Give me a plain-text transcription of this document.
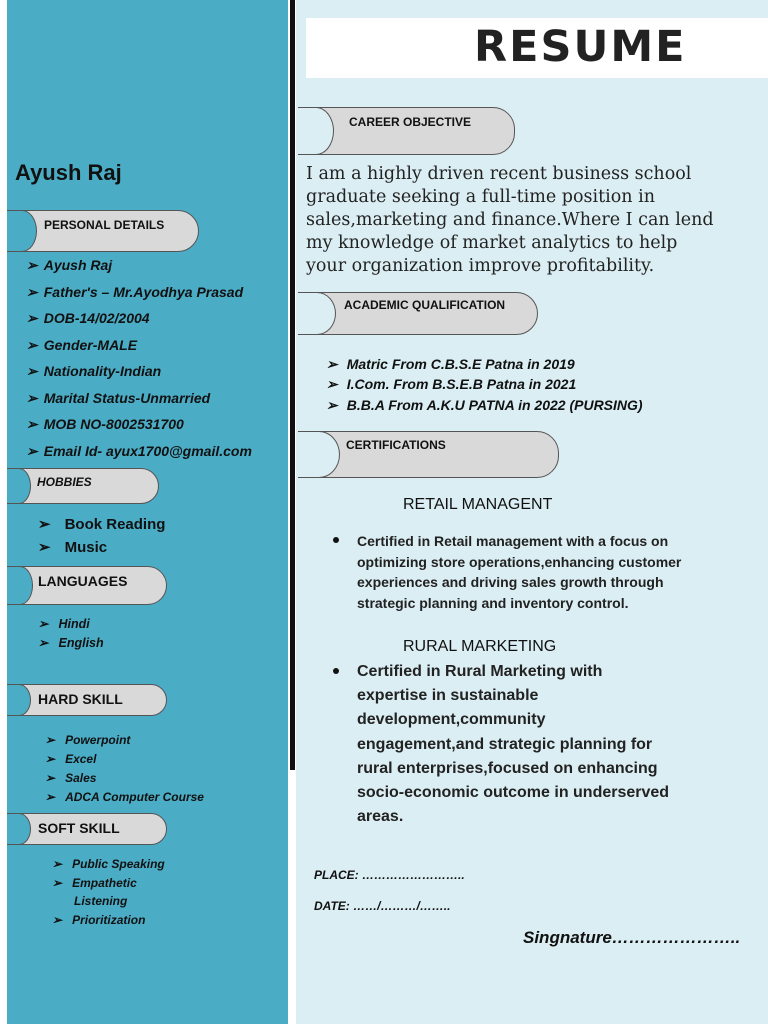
RESUME
Ayush Raj
PERSONAL DETAILS
➢ Ayush Raj
➢ Father's – Mr.Ayodhya Prasad
➢ DOB-14/02/2004
➢ Gender-MALE
➢ Nationality-Indian
➢ Marital Status-Unmarried
➢ MOB NO-8002531700
➢ Email Id- ayux1700@gmail.com
HOBBIES
➢ Book Reading
➢ Music
LANGUAGES
➢ Hindi
➢ English
HARD SKILL
➢ Powerpoint
➢ Excel
➢ Sales
➢ ADCA Computer Course
SOFT SKILL
➢ Public Speaking
➢ Empathetic
Listening
➢ Prioritization
CAREER OBJECTIVE
I am a highly driven recent business school
graduate seeking a full-time position in
sales,marketing and finance.Where I can lend
my knowledge of market analytics to help
your organization improve profitability.
ACADEMIC QUALIFICATION
➢ Matric From C.B.S.E Patna in 2019
➢ I.Com. From B.S.E.B Patna in 2021
➢ B.B.A From A.K.U PATNA in 2022 (PURSING)
CERTIFICATIONS
RETAIL MANAGENT
Certified in Retail management with a focus on
optimizing store operations,enhancing customer
experiences and driving sales growth through
strategic planning and inventory control.
RURAL MARKETING
Certified in Rural Marketing with
expertise in sustainable
development,community
engagement,and strategic planning for
rural enterprises,focused on enhancing
socio-economic outcome in underserved
areas.
PLACE: ……………………..
DATE: ……/………/……..
Singnature…………………..
